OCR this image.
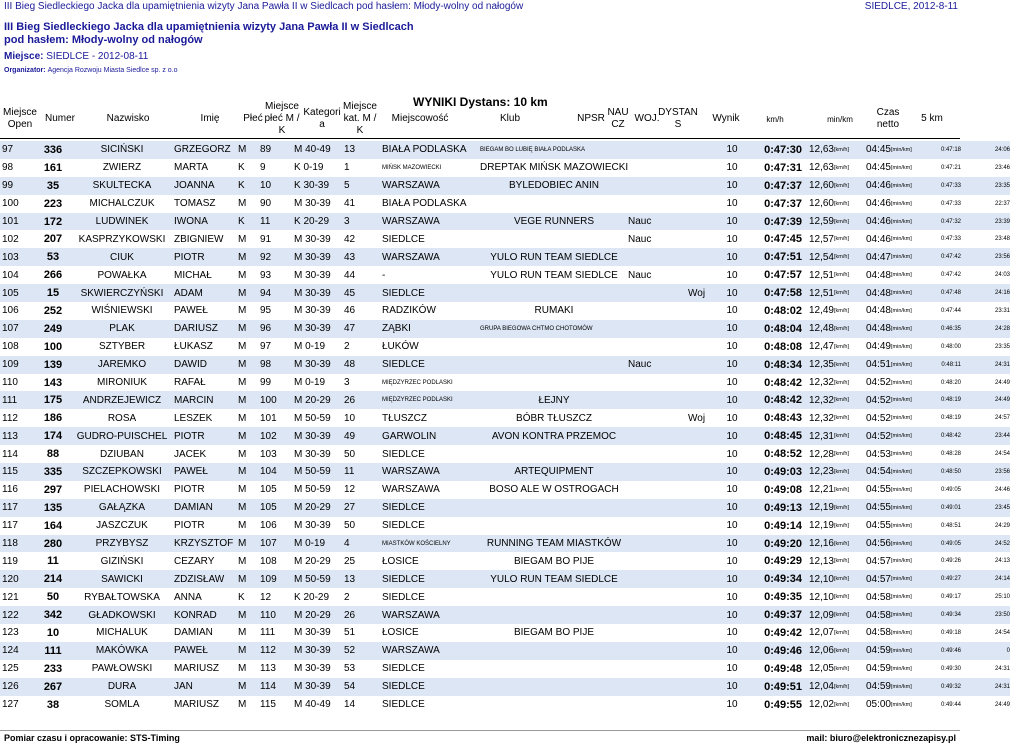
III Bieg Siedleckiego Jacka dla upamiętnienia wizyty Jana Pawła II w Siedlcach pod hasłem: Młody-wolny od nałogów	SIEDLCE, 2012-8-11
III Bieg Siedleckiego Jacka dla upamiętnienia wizyty Jana Pawła II w Siedlcach
pod hasłem: Młody-wolny od nałogów
Miejsce: SIEDLCE - 2012-08-11
Organizator: Agencja Rozwoju Miasta Siedlce sp. z o.o
WYNIKI Dystans: 10 km
Miejsce Open
Numer	Nazwisko	Imię	Płeć
Miejsce płeć M / K
Kategori a
Miejsce kat. M / K
Miejscowość	Klub	NPSR
NAU CZ
WOJ.
DYSTAN S
Wynik	km/h	min/km
Czas netto
5 km
97	336	SICIŃSKI	GRZEGORZ	M	89	M 40-49	13	BIAŁA PODLASKA	BIEGAM BO LUBIĘ BIAŁA PODLASKA				10	0:47:30	12,63	[km/h]	04:45	[min/km]	0:47:18	24:06
98	161	ZWIERZ	MARTA	K	9	K 0-19	1	MIŃSK MAZOWIECKI	DREPTAK MIŃSK MAZOWIECKI				10	0:47:31	12,63	[km/h]	04:45	[min/km]	0:47:21	23:46
99	35	SKULTECKA	JOANNA	K	10	K 30-39	5	WARSZAWA	BYLEDOBIEC ANIN				10	0:47:37	12,60	[km/h]	04:46	[min/km]	0:47:33	23:35
100	223	MICHALCZUK	TOMASZ	M	90	M 30-39	41	BIAŁA PODLASKA					10	0:47:37	12,60	[km/h]	04:46	[min/km]	0:47:33	22:37
101	172	LUDWINEK	IWONA	K	11	K 20-29	3	WARSZAWA	VEGE RUNNERS	Nauc			10	0:47:39	12,59	[km/h]	04:46	[min/km]	0:47:32	23:39
102	207	KASPRZYKOWSKI	ZBIGNIEW	M	91	M 30-39	42	SIEDLCE		Nauc			10	0:47:45	12,57	[km/h]	04:46	[min/km]	0:47:33	23:48
103	53	CIUK	PIOTR	M	92	M 30-39	43	WARSZAWA	YULO RUN TEAM SIEDLCE				10	0:47:51	12,54	[km/h]	04:47	[min/km]	0:47:42	23:56
104	266	POWAŁKA	MICHAŁ	M	93	M 30-39	44	-	YULO RUN TEAM SIEDLCE	Nauc			10	0:47:57	12,51	[km/h]	04:48	[min/km]	0:47:42	24:03
105	15	SKWIERCZYŃSKI	ADAM	M	94	M 30-39	45	SIEDLCE				Woj	10	0:47:58	12,51	[km/h]	04:48	[min/km]	0:47:48	24:16
106	252	WIŚNIEWSKI	PAWEŁ	M	95	M 30-39	46	RADZIKÓW	RUMAKI				10	0:48:02	12,49	[km/h]	04:48	[min/km]	0:47:44	23:31
107	249	PLAK	DARIUSZ	M	96	M 30-39	47	ZĄBKI	GRUPA BIEGOWA CHTMO CHOTOMÓW				10	0:48:04	12,48	[km/h]	04:48	[min/km]	0:46:35	24:28
108	100	SZTYBER	ŁUKASZ	M	97	M 0-19	2	ŁUKÓW					10	0:48:08	12,47	[km/h]	04:49	[min/km]	0:48:00	23:35
109	139	JAREMKO	DAWID	M	98	M 30-39	48	SIEDLCE		Nauc			10	0:48:34	12,35	[km/h]	04:51	[min/km]	0:48:11	24:31
110	143	MIRONIUK	RAFAŁ	M	99	M 0-19	3	MIĘDZYRZEC PODLASKI					10	0:48:42	12,32	[km/h]	04:52	[min/km]	0:48:20	24:49
111	175	ANDRZEJEWICZ	MARCIN	M	100	M 20-29	26	MIĘDZYRZEC PODLASKI	ŁEJNY				10	0:48:42	12,32	[km/h]	04:52	[min/km]	0:48:19	24:49
112	186	ROSA	LESZEK	M	101	M 50-59	10	TŁUSZCZ	BÓBR TŁUSZCZ			Woj	10	0:48:43	12,32	[km/h]	04:52	[min/km]	0:48:19	24:57
113	174	GUDRO-PUISCHEL	PIOTR	M	102	M 30-39	49	GARWOLIN	AVON KONTRA PRZEMOC				10	0:48:45	12,31	[km/h]	04:52	[min/km]	0:48:42	23:44
114	88	DZIUBAN	JACEK	M	103	M 30-39	50	SIEDLCE					10	0:48:52	12,28	[km/h]	04:53	[min/km]	0:48:28	24:54
115	335	SZCZEPKOWSKI	PAWEŁ	M	104	M 50-59	11	WARSZAWA	ARTEQUIPMENT				10	0:49:03	12,23	[km/h]	04:54	[min/km]	0:48:50	23:56
116	297	PIELACHOWSKI	PIOTR	M	105	M 50-59	12	WARSZAWA	BOSO ALE W OSTROGACH				10	0:49:08	12,21	[km/h]	04:55	[min/km]	0:49:05	24:46
117	135	GAŁĄZKA	DAMIAN	M	105	M 20-29	27	SIEDLCE					10	0:49:13	12,19	[km/h]	04:55	[min/km]	0:49:01	23:45
117	164	JASZCZUK	PIOTR	M	106	M 30-39	50	SIEDLCE					10	0:49:14	12,19	[km/h]	04:55	[min/km]	0:48:51	24:29
118	280	PRZYBYSZ	KRZYSZTOF	M	107	M 0-19	4	MIASTKÓW KOŚCIELNY	RUNNING TEAM MIASTKÓW				10	0:49:20	12,16	[km/h]	04:56	[min/km]	0:49:05	24:52
119	11	GIZIŃSKI	CEZARY	M	108	M 20-29	25	ŁOSICE	BIEGAM BO PIJE				10	0:49:29	12,13	[km/h]	04:57	[min/km]	0:49:26	24:13
120	214	SAWICKI	ZDZISŁAW	M	109	M 50-59	13	SIEDLCE	YULO RUN TEAM SIEDLCE				10	0:49:34	12,10	[km/h]	04:57	[min/km]	0:49:27	24:14
121	50	RYBAŁTOWSKA	ANNA	K	12	K 20-29	2	SIEDLCE					10	0:49:35	12,10	[km/h]	04:58	[min/km]	0:49:17	25:10
122	342	GŁADKOWSKI	KONRAD	M	110	M 20-29	26	WARSZAWA					10	0:49:37	12,09	[km/h]	04:58	[min/km]	0:49:34	23:50
123	10	MICHALUK	DAMIAN	M	111	M 30-39	51	ŁOSICE	BIEGAM BO PIJE				10	0:49:42	12,07	[km/h]	04:58	[min/km]	0:49:18	24:54
124	111	MAKÓWKA	PAWEŁ	M	112	M 30-39	52	WARSZAWA					10	0:49:46	12,06	[km/h]	04:59	[min/km]	0:49:46	0
125	233	PAWŁOWSKI	MARIUSZ	M	113	M 30-39	53	SIEDLCE					10	0:49:48	12,05	[km/h]	04:59	[min/km]	0:49:30	24:31
126	267	DURA	JAN	M	114	M 30-39	54	SIEDLCE					10	0:49:51	12,04	[km/h]	04:59	[min/km]	0:49:32	24:31
127	38	SOMLA	MARIUSZ	M	115	M 40-49	14	SIEDLCE					10	0:49:55	12,02	[km/h]	05:00	[min/km]	0:49:44	24:49
Pomiar czasu i opracowanie: STS-Timing	mail: biuro@elektronicznezapisy.pl
